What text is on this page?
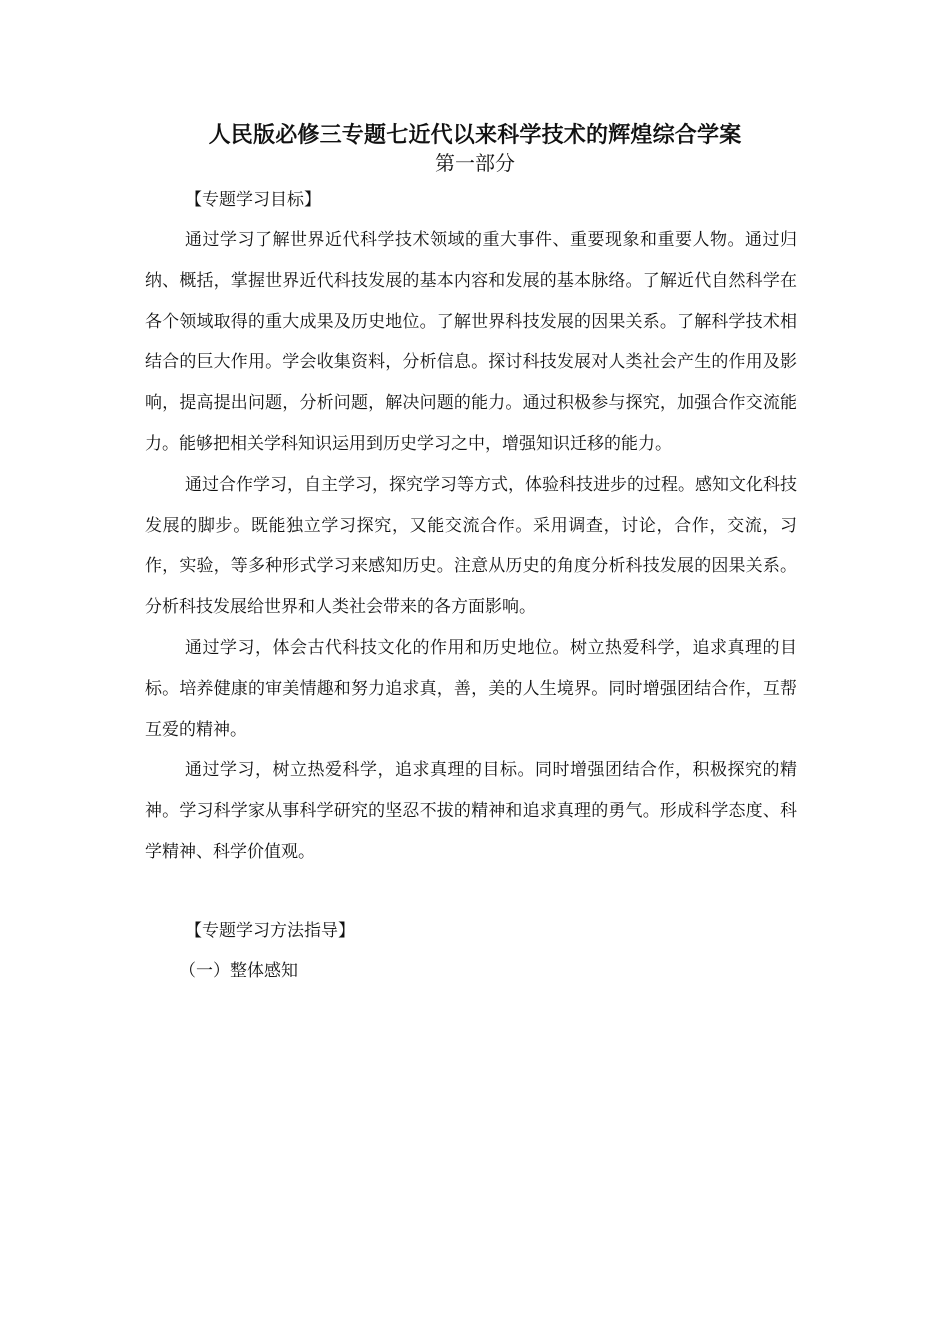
人民版必修三专题七近代以来科学技术的辉煌综合学案
第一部分
【专题学习目标】

通过学习了解世界近代科学技术领域的重大事件、重要现象和重要人物。通过归纳、概括，掌握世界近代科技发展的基本内容和发展的基本脉络。了解近代自然科学在各个领域取得的重大成果及历史地位。了解世界科技发展的因果关系。了解科学技术相结合的巨大作用。学会收集资料，分析信息。探讨科技发展对人类社会产生的作用及影响，提高提出问题，分析问题，解决问题的能力。通过积极参与探究，加强合作交流能力。能够把相关学科知识运用到历史学习之中，增强知识迁移的能力。

通过合作学习，自主学习，探究学习等方式，体验科技进步的过程。感知文化科技发展的脚步。既能独立学习探究，又能交流合作。采用调查，讨论，合作，交流，习作，实验，等多种形式学习来感知历史。注意从历史的角度分析科技发展的因果关系。分析科技发展给世界和人类社会带来的各方面影响。

通过学习，体会古代科技文化的作用和历史地位。树立热爱科学，追求真理的目标。培养健康的审美情趣和努力追求真，善，美的人生境界。同时增强团结合作，互帮互爱的精神。

通过学习，树立热爱科学，追求真理的目标。同时增强团结合作，积极探究的精神。学习科学家从事科学研究的坚忍不拔的精神和追求真理的勇气。形成科学态度、科学精神、科学价值观。

【专题学习方法指导】
（一）整体感知
